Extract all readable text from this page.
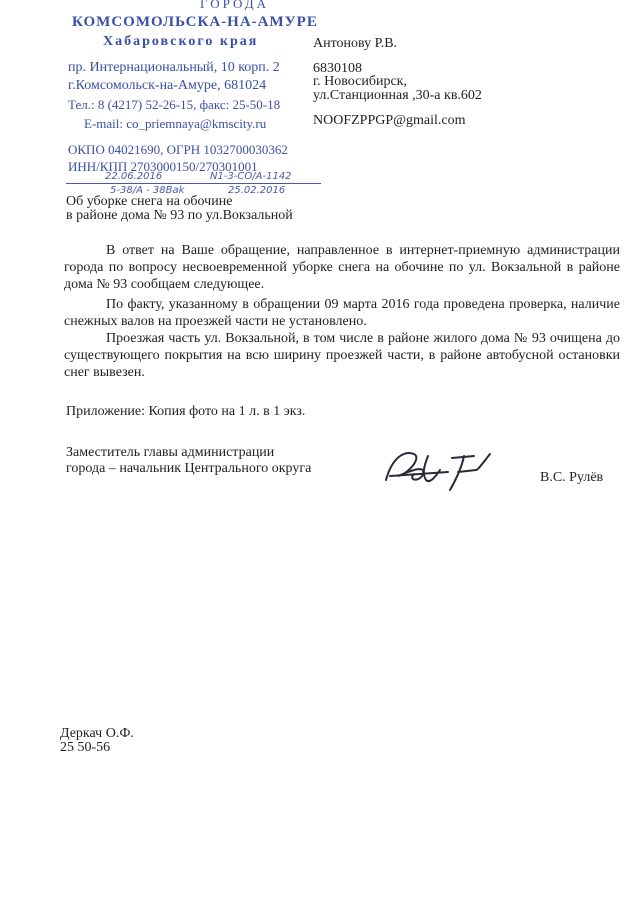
ГОРОДА
КОМСОМОЛЬСКА-НА-АМУРЕ
Хабаровского края
пр. Интернациональный, 10 корп. 2
г.Комсомольск-на-Амуре, 681024
Тел.: 8 (4217) 52-26-15, факс: 25-50-18
E-mail: co_priemnaya@kmscity.ru
ОКПО 04021690, ОГРН 1032700030362
ИНН/КПП 2703000150/270301001
22.06.2016	N1-3-CO/A-1142
5-38/A - 38Bak	25.02.2016
Антонову Р.В.
6830108
г. Новосибирск,
ул.Станционная ,30-а кв.602
NOOFZPPGP@gmail.com
Об уборке снега на обочине
в районе дома № 93 по ул.Вокзальной
В ответ на Ваше обращение, направленное в интернет-приемную администрации города по вопросу несвоевременной уборке снега на обочине по ул. Вокзальной в районе дома № 93 сообщаем следующее.
По факту, указанному в обращении 09 марта 2016 года проведена проверка, наличие снежных валов на проезжей части не установлено.
Проезжая часть ул. Вокзальной, в том числе в районе жилого дома № 93 очищена до существующего покрытия на всю ширину проезжей части, в районе автобусной остановки снег вывезен.
Приложение: Копия фото на 1 л. в 1 экз.
Заместитель главы администрации
города – начальник Центрального округа
В.С. Рулёв
Деркач О.Ф.
25 50-56
